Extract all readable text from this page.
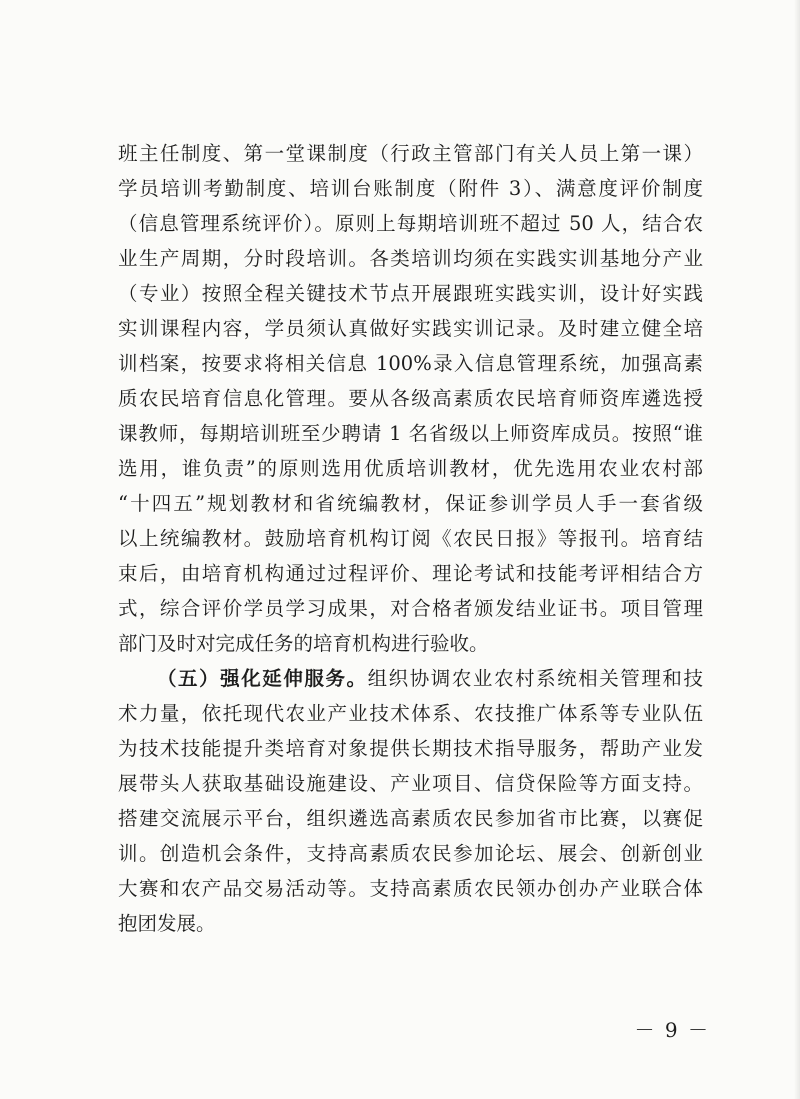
班主任制度、第一堂课制度（行政主管部门有关人员上第一课）
学员培训考勤制度、培训台账制度（附件 3）、满意度评价制度
（信息管理系统评价）。原则上每期培训班不超过 50 人，结合农
业生产周期，分时段培训。各类培训均须在实践实训基地分产业
（专业）按照全程关键技术节点开展跟班实践实训，设计好实践
实训课程内容，学员须认真做好实践实训记录。及时建立健全培
训档案，按要求将相关信息 100%录入信息管理系统，加强高素
质农民培育信息化管理。要从各级高素质农民培育师资库遴选授
课教师，每期培训班至少聘请 1 名省级以上师资库成员。按照“谁
选用，谁负责”的原则选用优质培训教材，优先选用农业农村部
“十四五”规划教材和省统编教材，保证参训学员人手一套省级
以上统编教材。鼓励培育机构订阅《农民日报》等报刊。培育结
束后，由培育机构通过过程评价、理论考试和技能考评相结合方
式，综合评价学员学习成果，对合格者颁发结业证书。项目管理
部门及时对完成任务的培育机构进行验收。
（五）强化延伸服务。组织协调农业农村系统相关管理和技
术力量，依托现代农业产业技术体系、农技推广体系等专业队伍
为技术技能提升类培育对象提供长期技术指导服务，帮助产业发
展带头人获取基础设施建设、产业项目、信贷保险等方面支持。
搭建交流展示平台，组织遴选高素质农民参加省市比赛，以赛促
训。创造机会条件，支持高素质农民参加论坛、展会、创新创业
大赛和农产品交易活动等。支持高素质农民领办创办产业联合体
抱团发展。
－ 9 －
